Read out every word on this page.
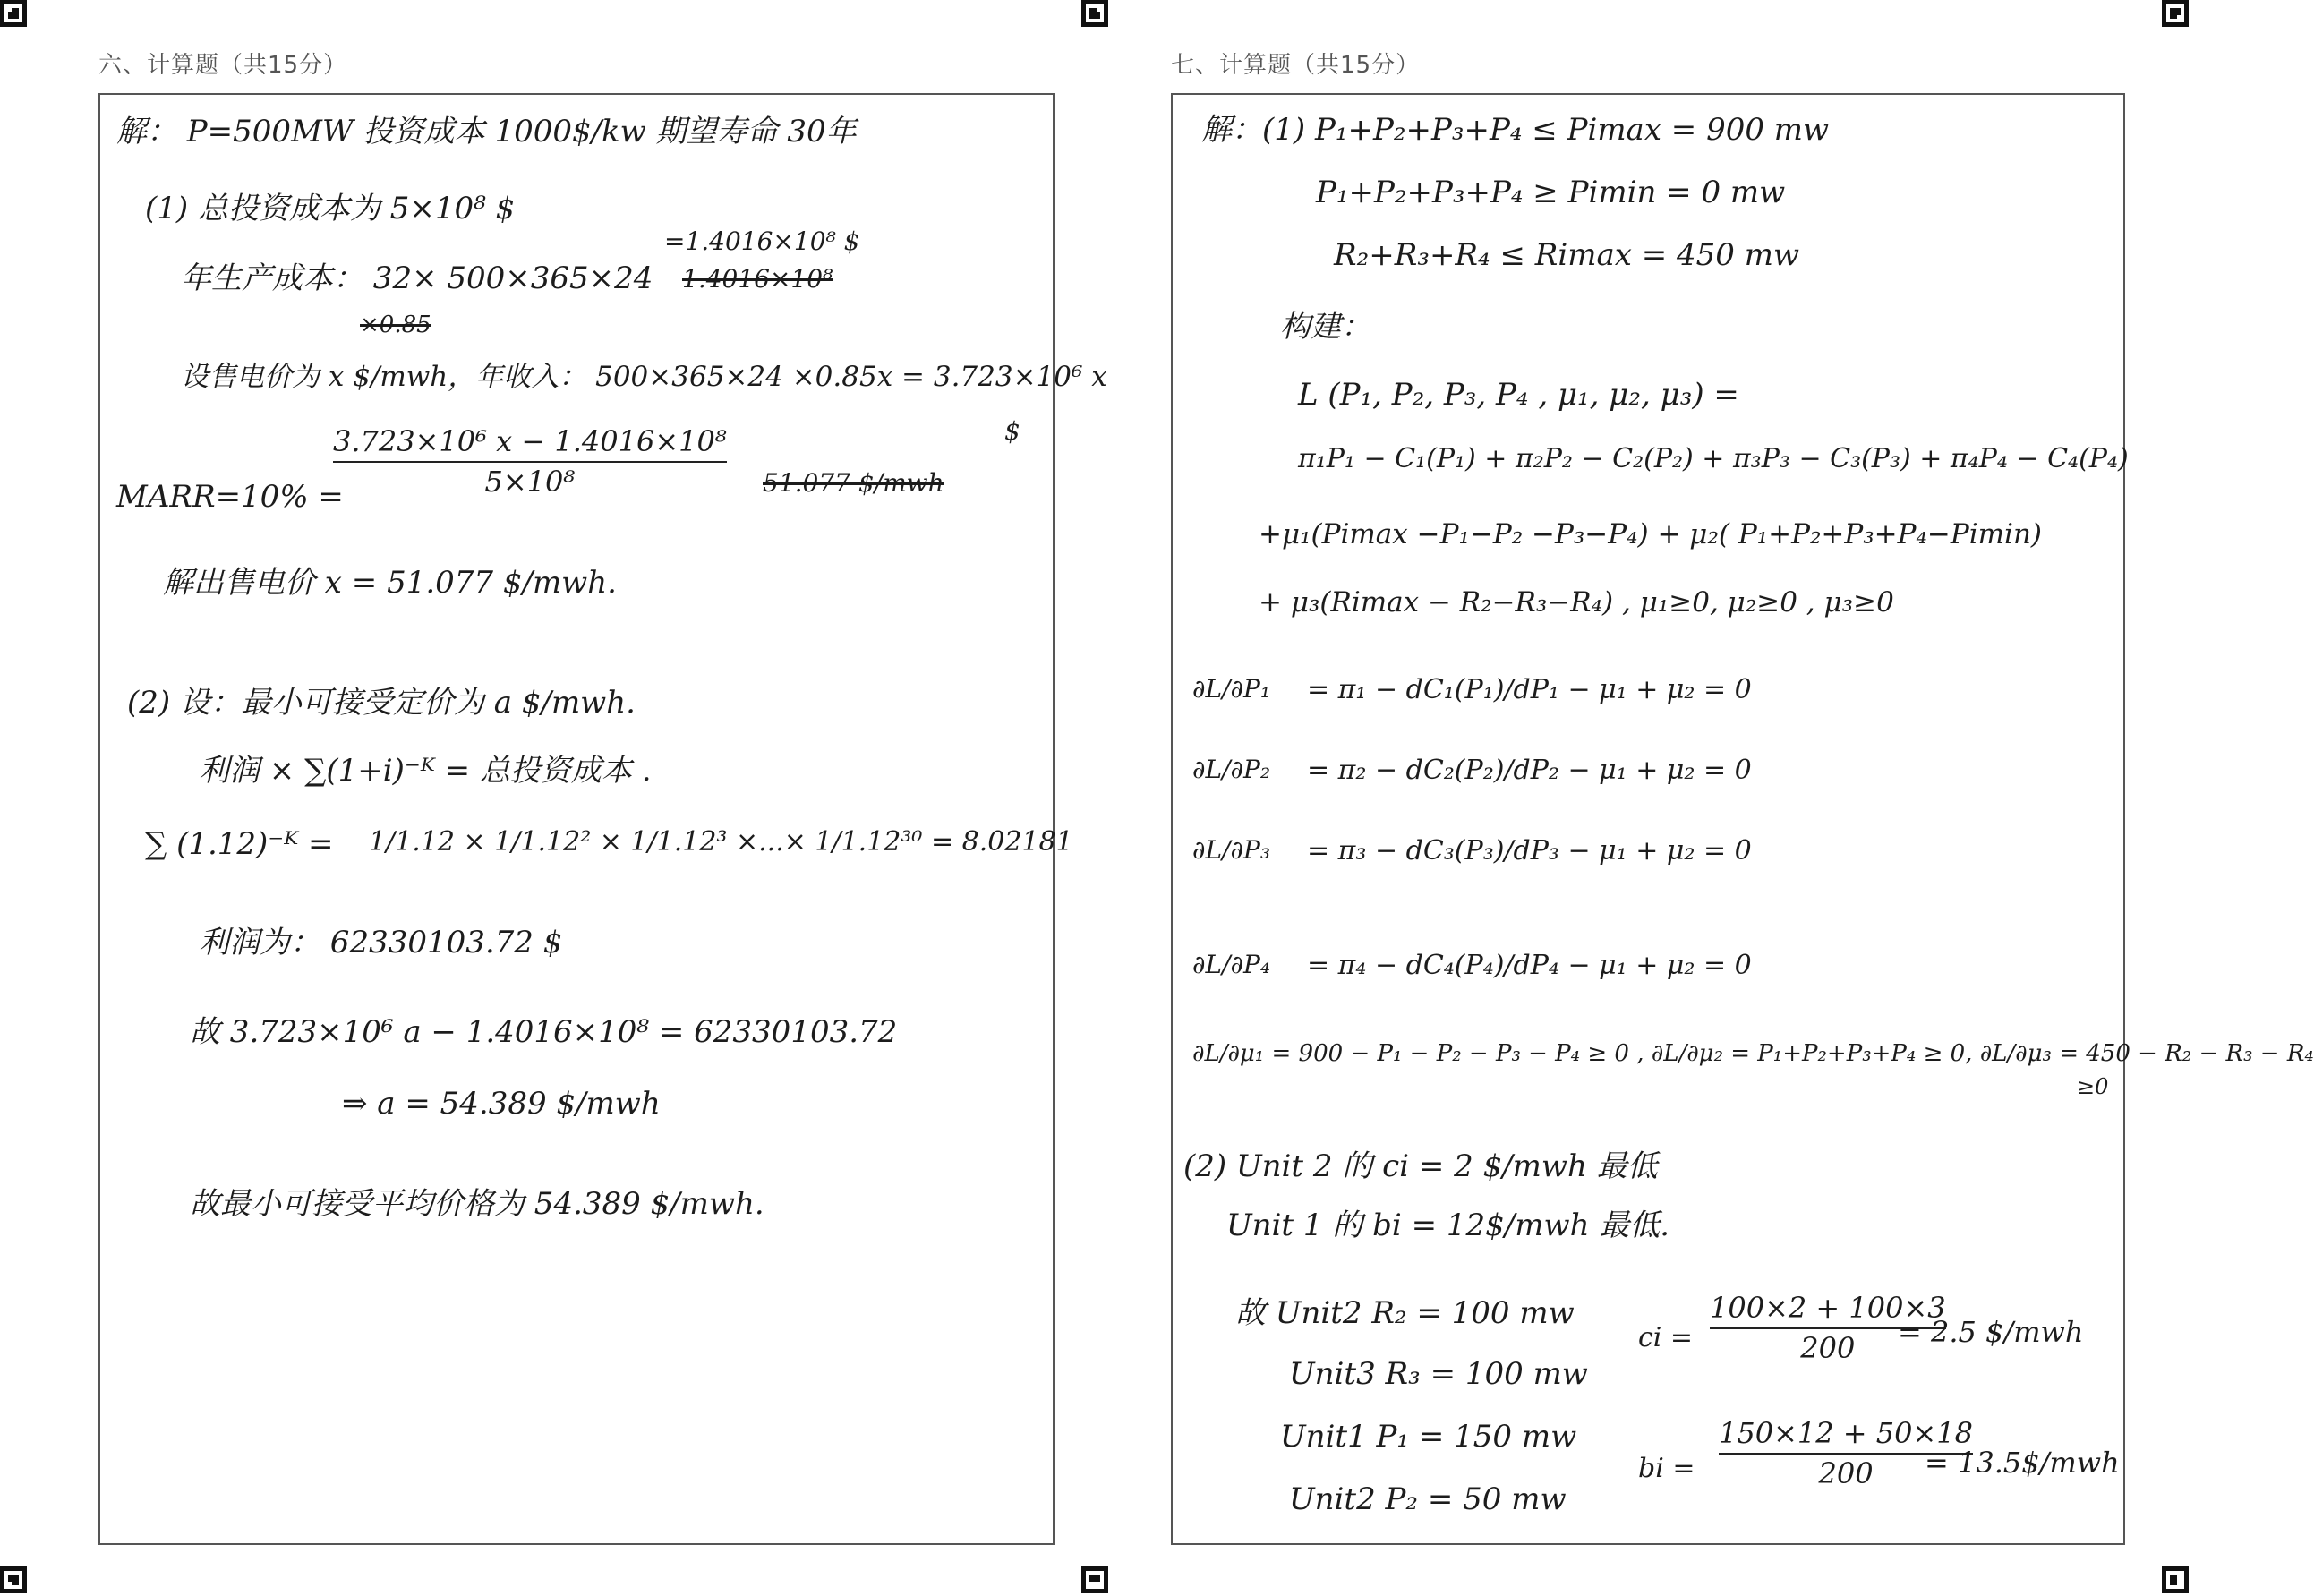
六、计算题（共15分）
解： P=500MW 投资成本 1000$/kw 期望寿命 30年
(1) 总投资成本为 5×10⁸ $
年生产成本： 32× 500×365×24
=1.4016×10⁸ $
1.4016×10⁸
×0.85
设售电价为 x $/mwh，年收入： 500×365×24 ×0.85x = 3.723×10⁶ x
MARR=10% =
3.723×10⁶ x − 1.4016×10⁸
5×10⁸	51.077 $/mwh
$
解出售电价 x = 51.077 $/mwh.
(2) 设：最小可接受定价为 a $/mwh.
利润 × ∑(1+i)⁻ᴷ = 总投资成本 .
∑ (1.12)⁻ᴷ = 1/1.12 × 1/1.12² × 1/1.12³ ×...× 1/1.12³⁰ = 8.02181
利润为： 62330103.72 $
故 3.723×10⁶ a − 1.4016×10⁸ = 62330103.72
⇒ a = 54.389 $/mwh
故最小可接受平均价格为 54.389 $/mwh.
七、计算题（共15分）
解：(1) P₁+P₂+P₃+P₄ ≤ Pimax = 900 mw
P₁+P₂+P₃+P₄ ≥ Pimin = 0 mw
R₂+R₃+R₄ ≤ Rimax = 450 mw
构建：
L (P₁, P₂, P₃, P₄ , μ₁, μ₂, μ₃) =
π₁P₁ − C₁(P₁) + π₂P₂ − C₂(P₂) + π₃P₃ − C₃(P₃) + π₄P₄ − C₄(P₄)
+μ₁(Pimax −P₁−P₂ −P₃−P₄) + μ₂( P₁+P₂+P₃+P₄−Pimin)
+ μ₃(Rimax − R₂−R₃−R₄) , μ₁≥0, μ₂≥0 , μ₃≥0
∂L/∂P₁ = π₁ − dC₁(P₁)/dP₁ − μ₁ + μ₂ = 0
∂L/∂P₂ = π₂ − dC₂(P₂)/dP₂ − μ₁ + μ₂ = 0
∂L/∂P₃ = π₃ − dC₃(P₃)/dP₃ − μ₁ + μ₂ = 0
∂L/∂P₄ = π₄ − dC₄(P₄)/dP₄ − μ₁ + μ₂ = 0
∂L/∂μ₁ = 900 − P₁ − P₂ − P₃ − P₄ ≥ 0 , ∂L/∂μ₂ = P₁+P₂+P₃+P₄ ≥ 0, ∂L/∂μ₃ = 450 − R₂ − R₃ − R₄
≥0
(2) Unit 2 的 ci = 2 $/mwh 最低
Unit 1 的 bi = 12$/mwh 最低.
故 Unit2 R₂ = 100 mw
Unit3 R₃ = 100 mw
Unit1 P₁ = 150 mw
Unit2 P₂ = 50 mw
ci =
100×2 + 100×3
200 = 2.5 $/mwh
bi =
150×12 + 50×18
200 = 13.5$/mwh
